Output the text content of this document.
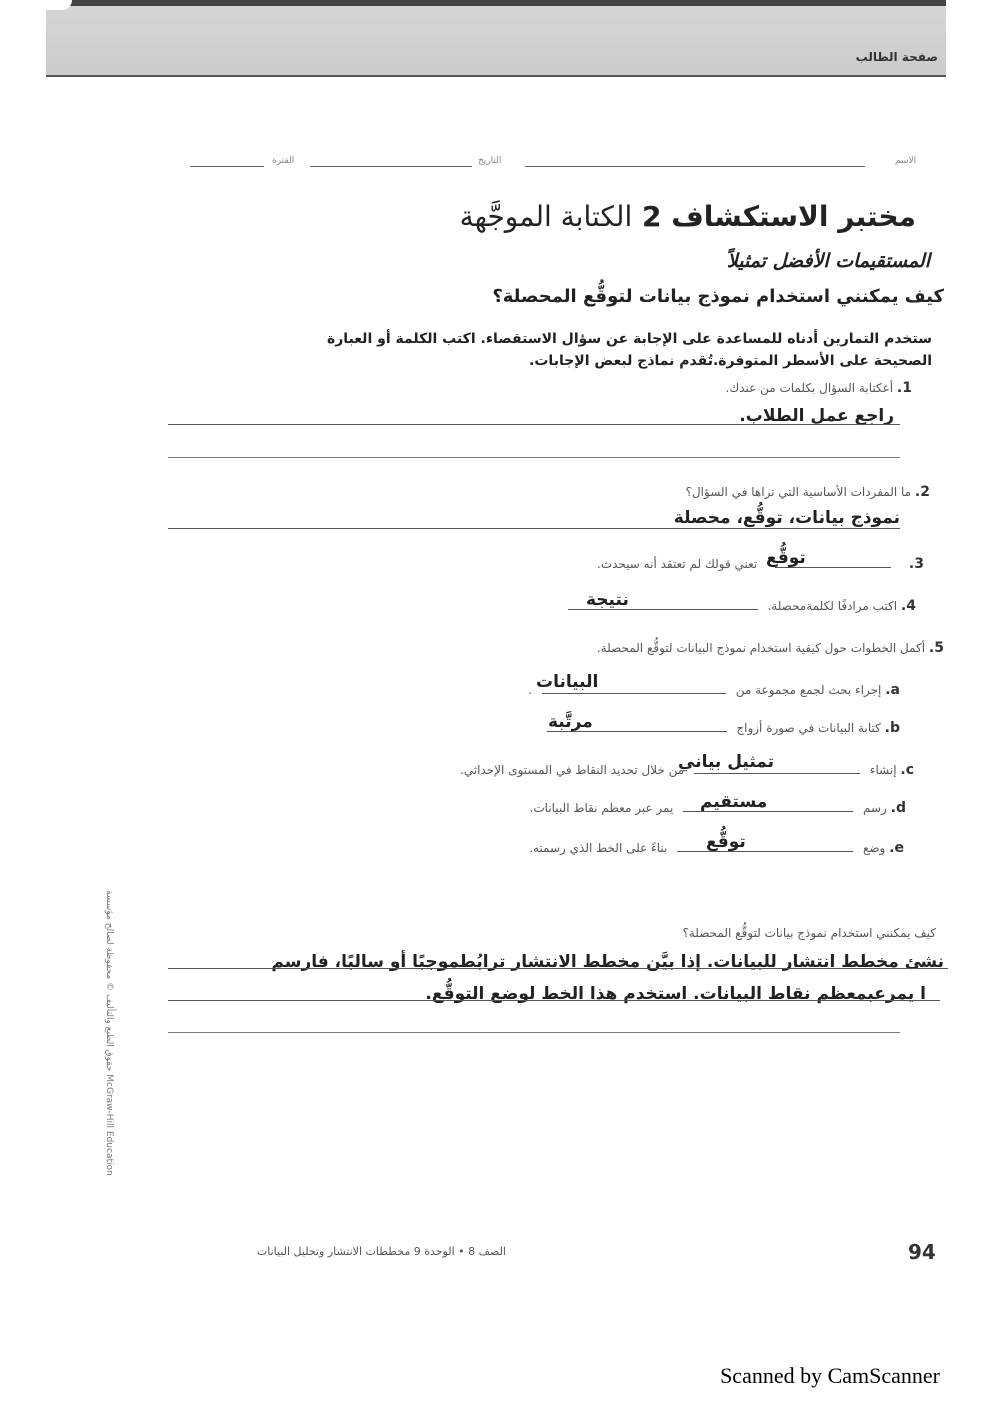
صفحة الطالب
الاسم
التاريخ
الفترة
مختبر الاستكشاف 2 الكتابة الموجَّهة
المستقيمات الأفضل تمثيلاً
كيف يمكنني استخدام نموذج بيانات لتوقُّع المحصلة؟
ستخدم التمارين أدناه للمساعدة على الإجابة عن سؤال الاستقصاء. اكتب الكلمة أو العبارة الصحيحة على الأسطر المتوفرة.تُقدم نماذج لبعض الإجابات.
1. أعكتابة السؤال بكلمات من عندك.
راجع عمل الطلاب.
2. ما المفردات الأساسية التي تراها في السؤال؟
نموذج بيانات، توقُّع، محصلة
3.  تعني قولك لم تعتقد أنه سيحدث. توقُّع
4. اكتب مرادفًا لكلمةمحصلة.
نتيجة
5. أكمل الخطوات حول كيفية استخدام نموذج البيانات لتوقُّع المحصلة.
a. إجراء بحث لجمع مجموعة من  . البيانات
b. كتابة البيانات في صورة أزواج
مرتَّبة
c. إنشاء  من خلال تحديد النقاط في المستوى الإحداثي.
تمثيل بياني
d. رسم  يمر عبر معظم نقاط البيانات.	مستقيم
e. وضع  بناءً على الخط الذي رسمته.	توقُّع
حقوق الطبع والتأليف © محفوظة لصالح مؤسسة McGraw-Hill Education
كيف يمكنني استخدام نموذج بيانات لتوقُّع المحصلة؟
نشئ مخطط انتشار للبيانات. إذا بيَّن مخطط الانتشار ترابُطموجبًا أو سالبًا، فارسم
ا يمرعبمعظم نقاط البيانات. استخدم هذا الخط لوضع التوقُّع.
الصف 8 • الوحدة 9 مخططات الانتشار وتحليل البيانات	94
Scanned by CamScanner
